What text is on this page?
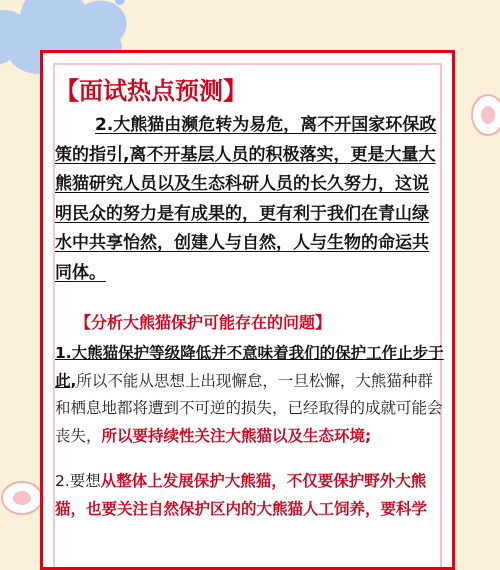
【面试热点预测】

2.大熊猫由濒危转为易危，离不开国家环保政策的指引,离不开基层人员的积极落实，更是大量大熊猫研究人员以及生态科研人员的长久努力，这说明民众的努力是有成果的，更有利于我们在青山绿水中共享怡然，创建人与自然，人与生物的命运共同体。

【分析大熊猫保护可能存在的问题】

1.大熊猫保护等级降低并不意味着我们的保护工作止步于此,所以不能从思想上出现懈怠，一旦松懈，大熊猫种群和栖息地都将遭到不可逆的损失，已经取得的成就可能会丧失，所以要持续性关注大熊猫以及生态环境;

2.要想从整体上发展保护大熊猫，不仅要保护野外大熊猫，也要关注自然保护区内的大熊猫人工饲养，要科学
